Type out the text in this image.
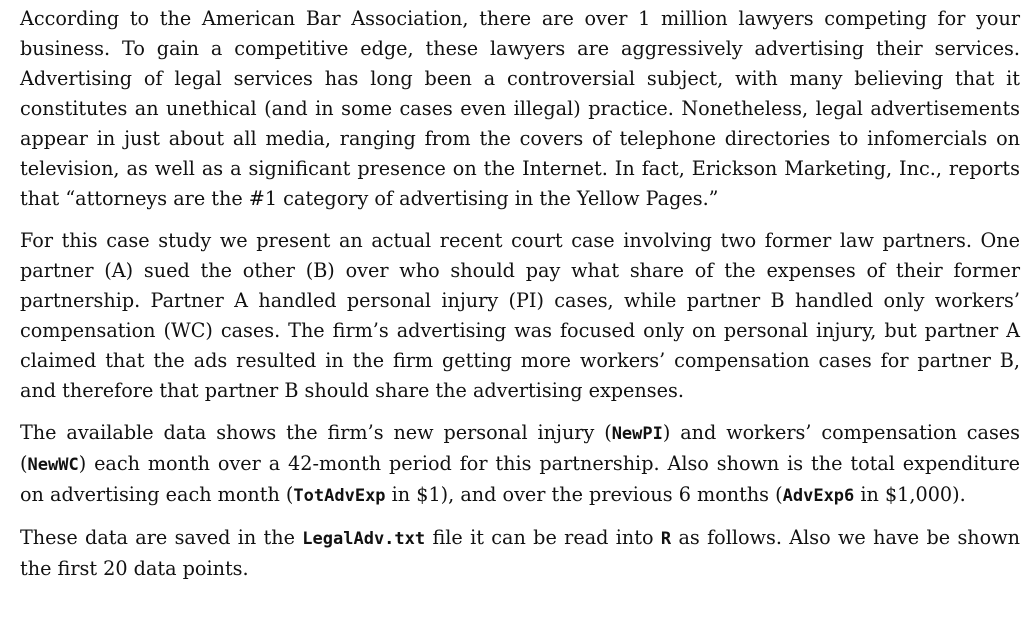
According to the American Bar Association, there are over 1 million lawyers competing for your business. To gain a competitive edge, these lawyers are aggressively advertising their services. Advertising of legal services has long been a controversial subject, with many believing that it constitutes an unethical (and in some cases even illegal) practice. Nonetheless, legal advertisements appear in just about all media, ranging from the covers of telephone directories to infomercials on television, as well as a significant presence on the Internet. In fact, Erickson Marketing, Inc., reports that “attorneys are the #1 category of advertising in the Yellow Pages.”

For this case study we present an actual recent court case involving two former law partners. One partner (A) sued the other (B) over who should pay what share of the expenses of their former partnership. Partner A handled personal injury (PI) cases, while partner B handled only workers’ compensation (WC) cases. The firm’s advertising was focused only on personal injury, but partner A claimed that the ads resulted in the firm getting more workers’ compensation cases for partner B, and therefore that partner B should share the advertising expenses.

The available data shows the firm’s new personal injury (NewPI) and workers’ compensation cases (NewWC) each month over a 42-month period for this partnership. Also shown is the total expenditure on advertising each month (TotAdvExp in $1), and over the previous 6 months (AdvExp6 in $1,000).

These data are saved in the LegalAdv.txt file it can be read into R as follows. Also we have be shown the first 20 data points.
